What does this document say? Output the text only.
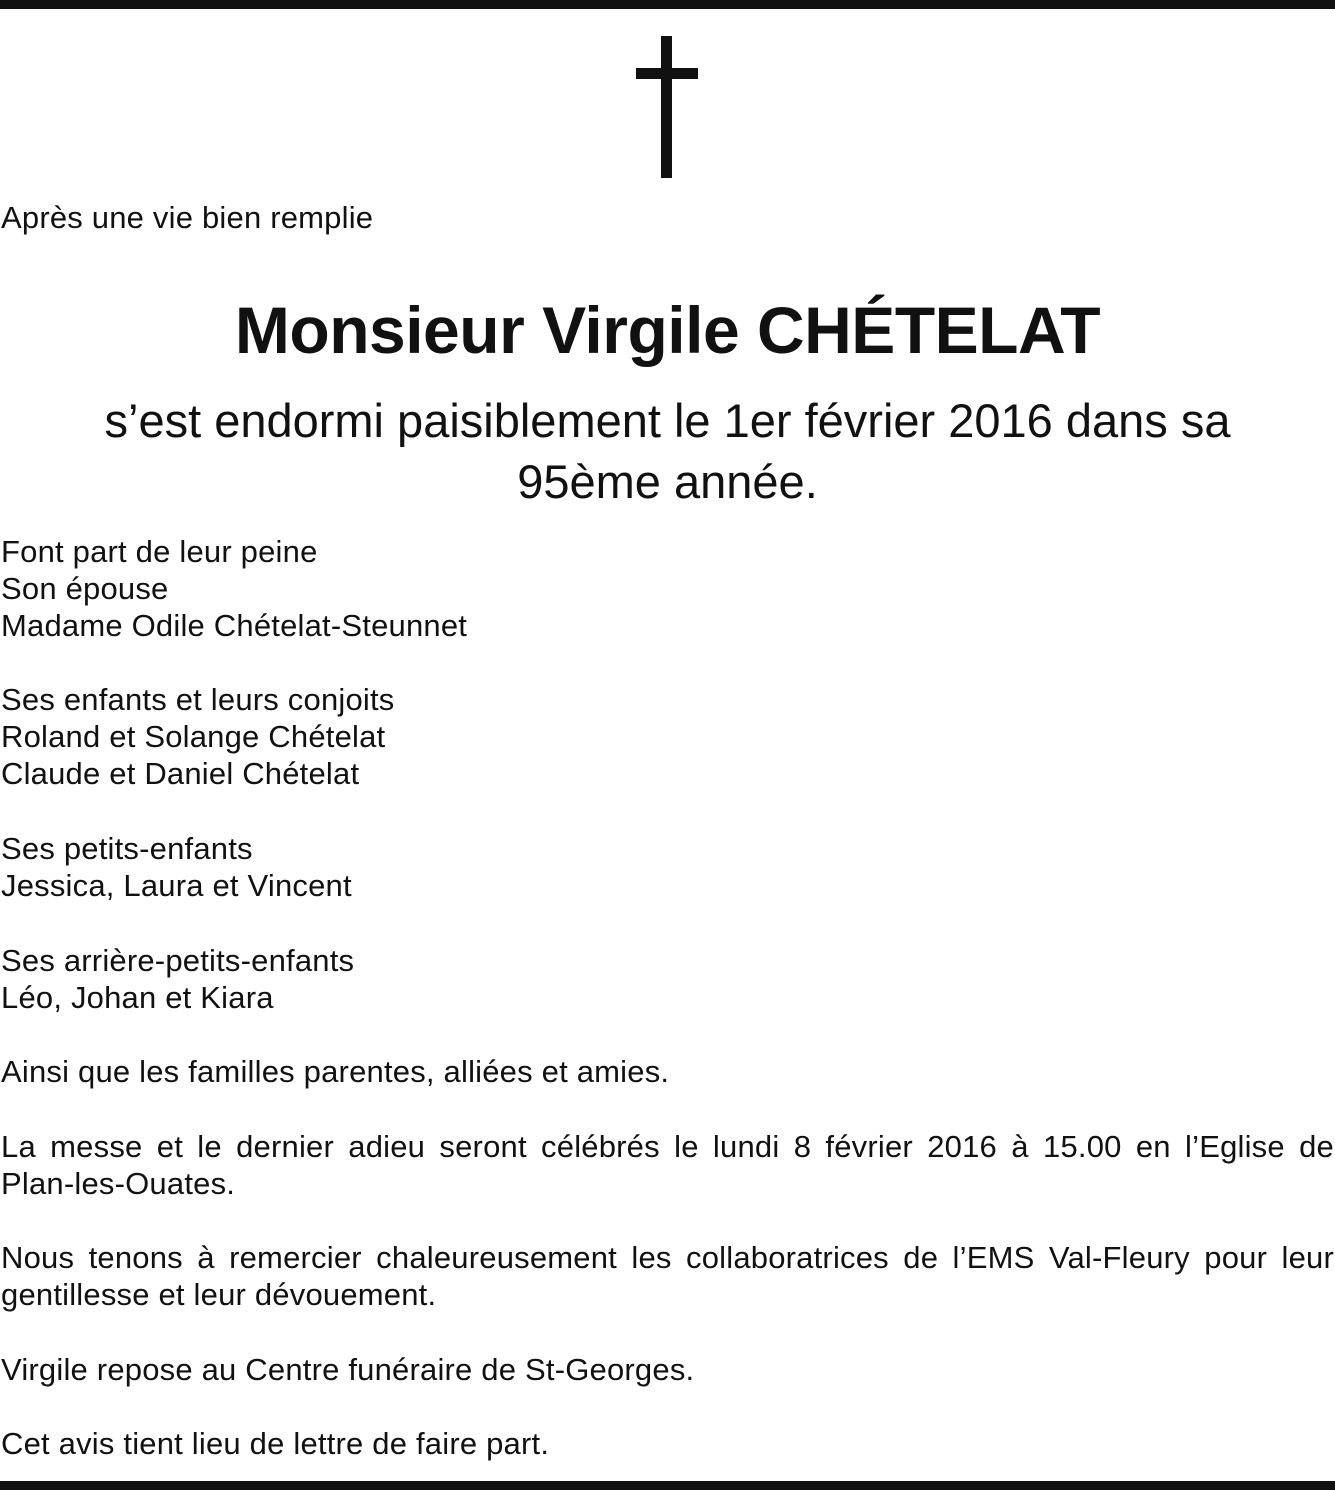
Après une vie bien remplie
Monsieur Virgile CHÉTELAT
s’est endormi paisiblement le 1er février 2016 dans sa
95ème année.
Font part de leur peine
Son épouse
Madame Odile Chételat-Steunnet
Ses enfants et leurs conjoits
Roland et Solange Chételat
Claude et Daniel Chételat
Ses petits-enfants
Jessica, Laura et Vincent
Ses arrière-petits-enfants
Léo, Johan et Kiara
Ainsi que les familles parentes, alliées et amies.
La messe et le dernier adieu seront célébrés le lundi 8 février 2016 à 15.00 en l’Eglise de
Plan-les-Ouates.
Nous tenons à remercier chaleureusement les collaboratrices de l’EMS Val-Fleury pour leur
gentillesse et leur dévouement.
Virgile repose au Centre funéraire de St-Georges.
Cet avis tient lieu de lettre de faire part.
